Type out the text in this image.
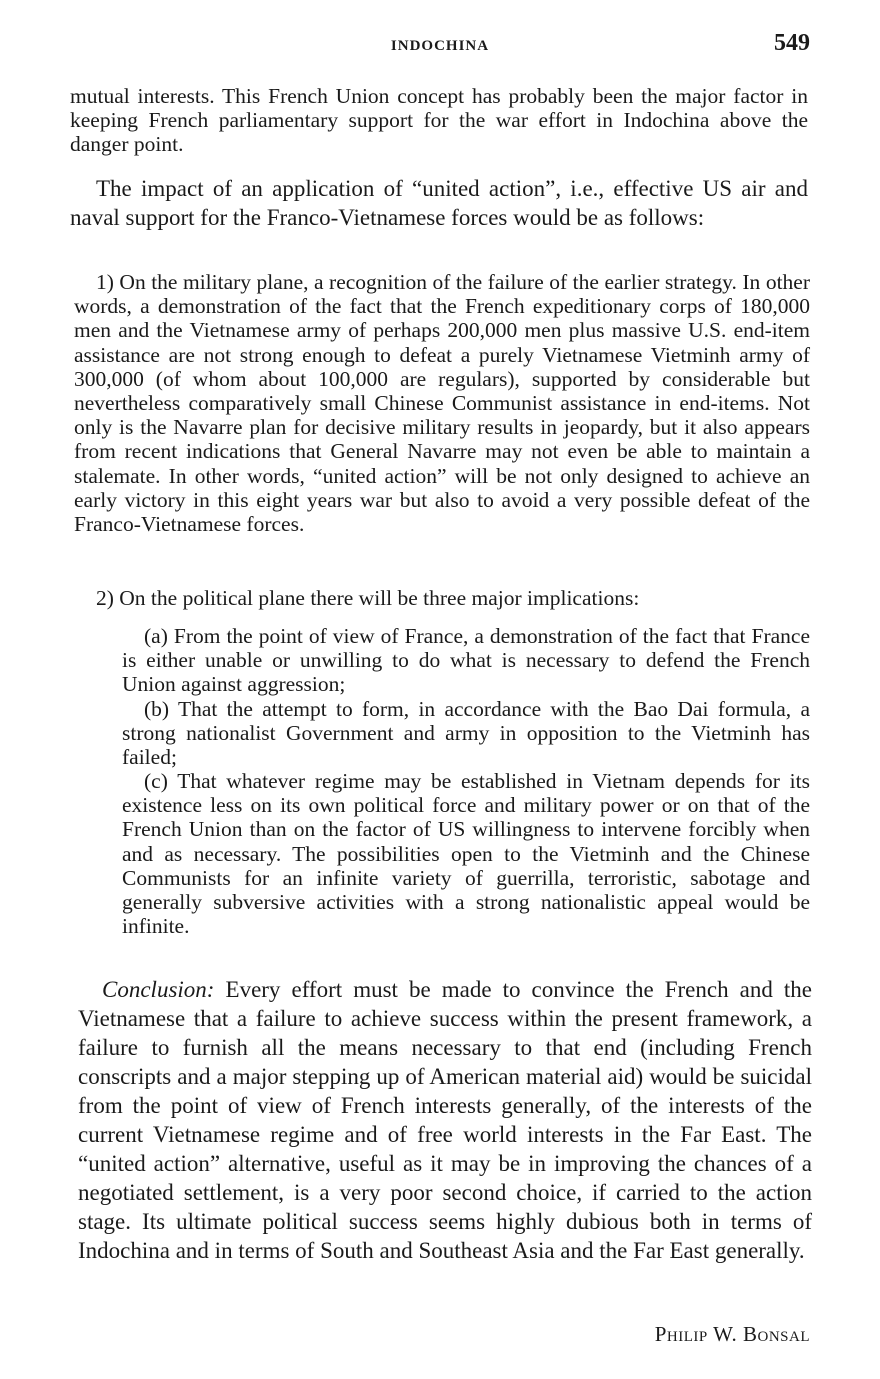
INDOCHINA	549

mutual interests. This French Union concept has probably been the major factor in keeping French parliamentary support for the war effort in Indochina above the danger point.

The impact of an application of “united action”, i.e., effective US air and naval support for the Franco-Vietnamese forces would be as follows:

1) On the military plane, a recognition of the failure of the earlier strategy. In other words, a demonstration of the fact that the French expeditionary corps of 180,000 men and the Vietnamese army of perhaps 200,000 men plus massive U.S. end-item assistance are not strong enough to defeat a purely Vietnamese Vietminh army of 300,000 (of whom about 100,000 are regulars), supported by considerable but nevertheless comparatively small Chinese Communist assistance in end-items. Not only is the Navarre plan for decisive military results in jeopardy, but it also appears from recent indications that General Navarre may not even be able to maintain a stalemate. In other words, “united action” will be not only designed to achieve an early victory in this eight years war but also to avoid a very possible defeat of the Franco-Vietnamese forces.

2) On the political plane there will be three major implications:

(a) From the point of view of France, a demonstration of the fact that France is either unable or unwilling to do what is necessary to defend the French Union against aggression;

(b) That the attempt to form, in accordance with the Bao Dai formula, a strong nationalist Government and army in opposition to the Vietminh has failed;

(c) That whatever regime may be established in Vietnam depends for its existence less on its own political force and military power or on that of the French Union than on the factor of US willingness to intervene forcibly when and as necessary. The possibilities open to the Vietminh and the Chinese Communists for an infinite variety of guerrilla, terroristic, sabotage and generally subversive activities with a strong nationalistic appeal would be infinite.

Conclusion: Every effort must be made to convince the French and the Vietnamese that a failure to achieve success within the present framework, a failure to furnish all the means necessary to that end (including French conscripts and a major stepping up of American material aid) would be suicidal from the point of view of French interests generally, of the interests of the current Vietnamese regime and of free world interests in the Far East. The “united action” alternative, useful as it may be in improving the chances of a negotiated settlement, is a very poor second choice, if carried to the action stage. Its ultimate political success seems highly dubious both in terms of Indochina and in terms of South and Southeast Asia and the Far East generally.

Philip W. Bonsal
